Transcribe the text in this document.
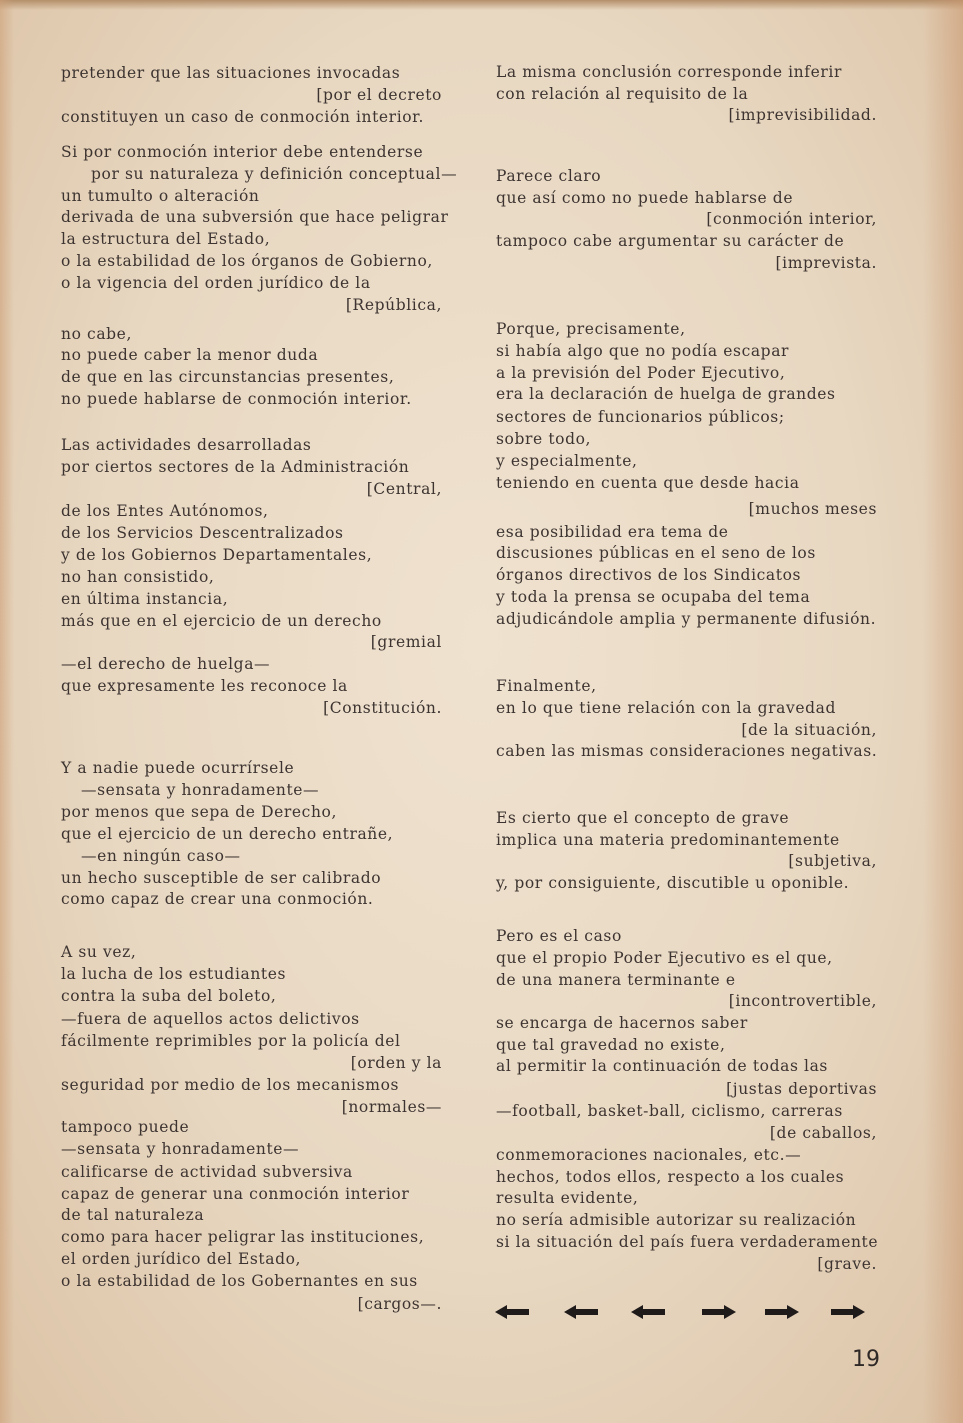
pretender que las situaciones invocadas
[por el decreto
constituyen un caso de conmoción interior.
Si por conmoción interior debe entenderse
por su naturaleza y definición conceptual—
un tumulto o alteración
derivada de una subversión que hace peligrar
la estructura del Estado,
o la estabilidad de los órganos de Gobierno,
o la vigencia del orden jurídico de la
[República,
no cabe,
no puede caber la menor duda
de que en las circunstancias presentes,
no puede hablarse de conmoción interior.
Las actividades desarrolladas
por ciertos sectores de la Administración
[Central,
de los Entes Autónomos,
de los Servicios Descentralizados
y de los Gobiernos Departamentales,
no han consistido,
en última instancia,
más que en el ejercicio de un derecho
[gremial
—el derecho de huelga—
que expresamente les reconoce la
[Constitución.
Y a nadie puede ocurrírsele
—sensata y honradamente—
por menos que sepa de Derecho,
que el ejercicio de un derecho entrañe,
—en ningún caso—
un hecho susceptible de ser calibrado
como capaz de crear una conmoción.
A su vez,
la lucha de los estudiantes
contra la suba del boleto,
—fuera de aquellos actos delictivos
fácilmente reprimibles por la policía del
[orden y la
seguridad por medio de los mecanismos
[normales—
tampoco puede
—sensata y honradamente—
calificarse de actividad subversiva
capaz de generar una conmoción interior
de tal naturaleza
como para hacer peligrar las instituciones,
el orden jurídico del Estado,
o la estabilidad de los Gobernantes en sus
[cargos—.
La misma conclusión corresponde inferir
con relación al requisito de la
[imprevisibilidad.
Parece claro
que así como no puede hablarse de
[conmoción interior,
tampoco cabe argumentar su carácter de
[imprevista.
Porque, precisamente,
si había algo que no podía escapar
a la previsión del Poder Ejecutivo,
era la declaración de huelga de grandes
sectores de funcionarios públicos;
sobre todo,
y especialmente,
teniendo en cuenta que desde hacia
[muchos meses
esa posibilidad era tema de
discusiones públicas en el seno de los
órganos directivos de los Sindicatos
y toda la prensa se ocupaba del tema
adjudicándole amplia y permanente difusión.
Finalmente,
en lo que tiene relación con la gravedad
[de la situación,
caben las mismas consideraciones negativas.
Es cierto que el concepto de grave
implica una materia predominantemente
[subjetiva,
y, por consiguiente, discutible u oponible.
Pero es el caso
que el propio Poder Ejecutivo es el que,
de una manera terminante e
[incontrovertible,
se encarga de hacernos saber
que tal gravedad no existe,
al permitir la continuación de todas las
[justas deportivas
—football, basket-ball, ciclismo, carreras
[de caballos,
conmemoraciones nacionales, etc.—
hechos, todos ellos, respecto a los cuales
resulta evidente,
no sería admisible autorizar su realización
si la situación del país fuera verdaderamente
[grave.
19
